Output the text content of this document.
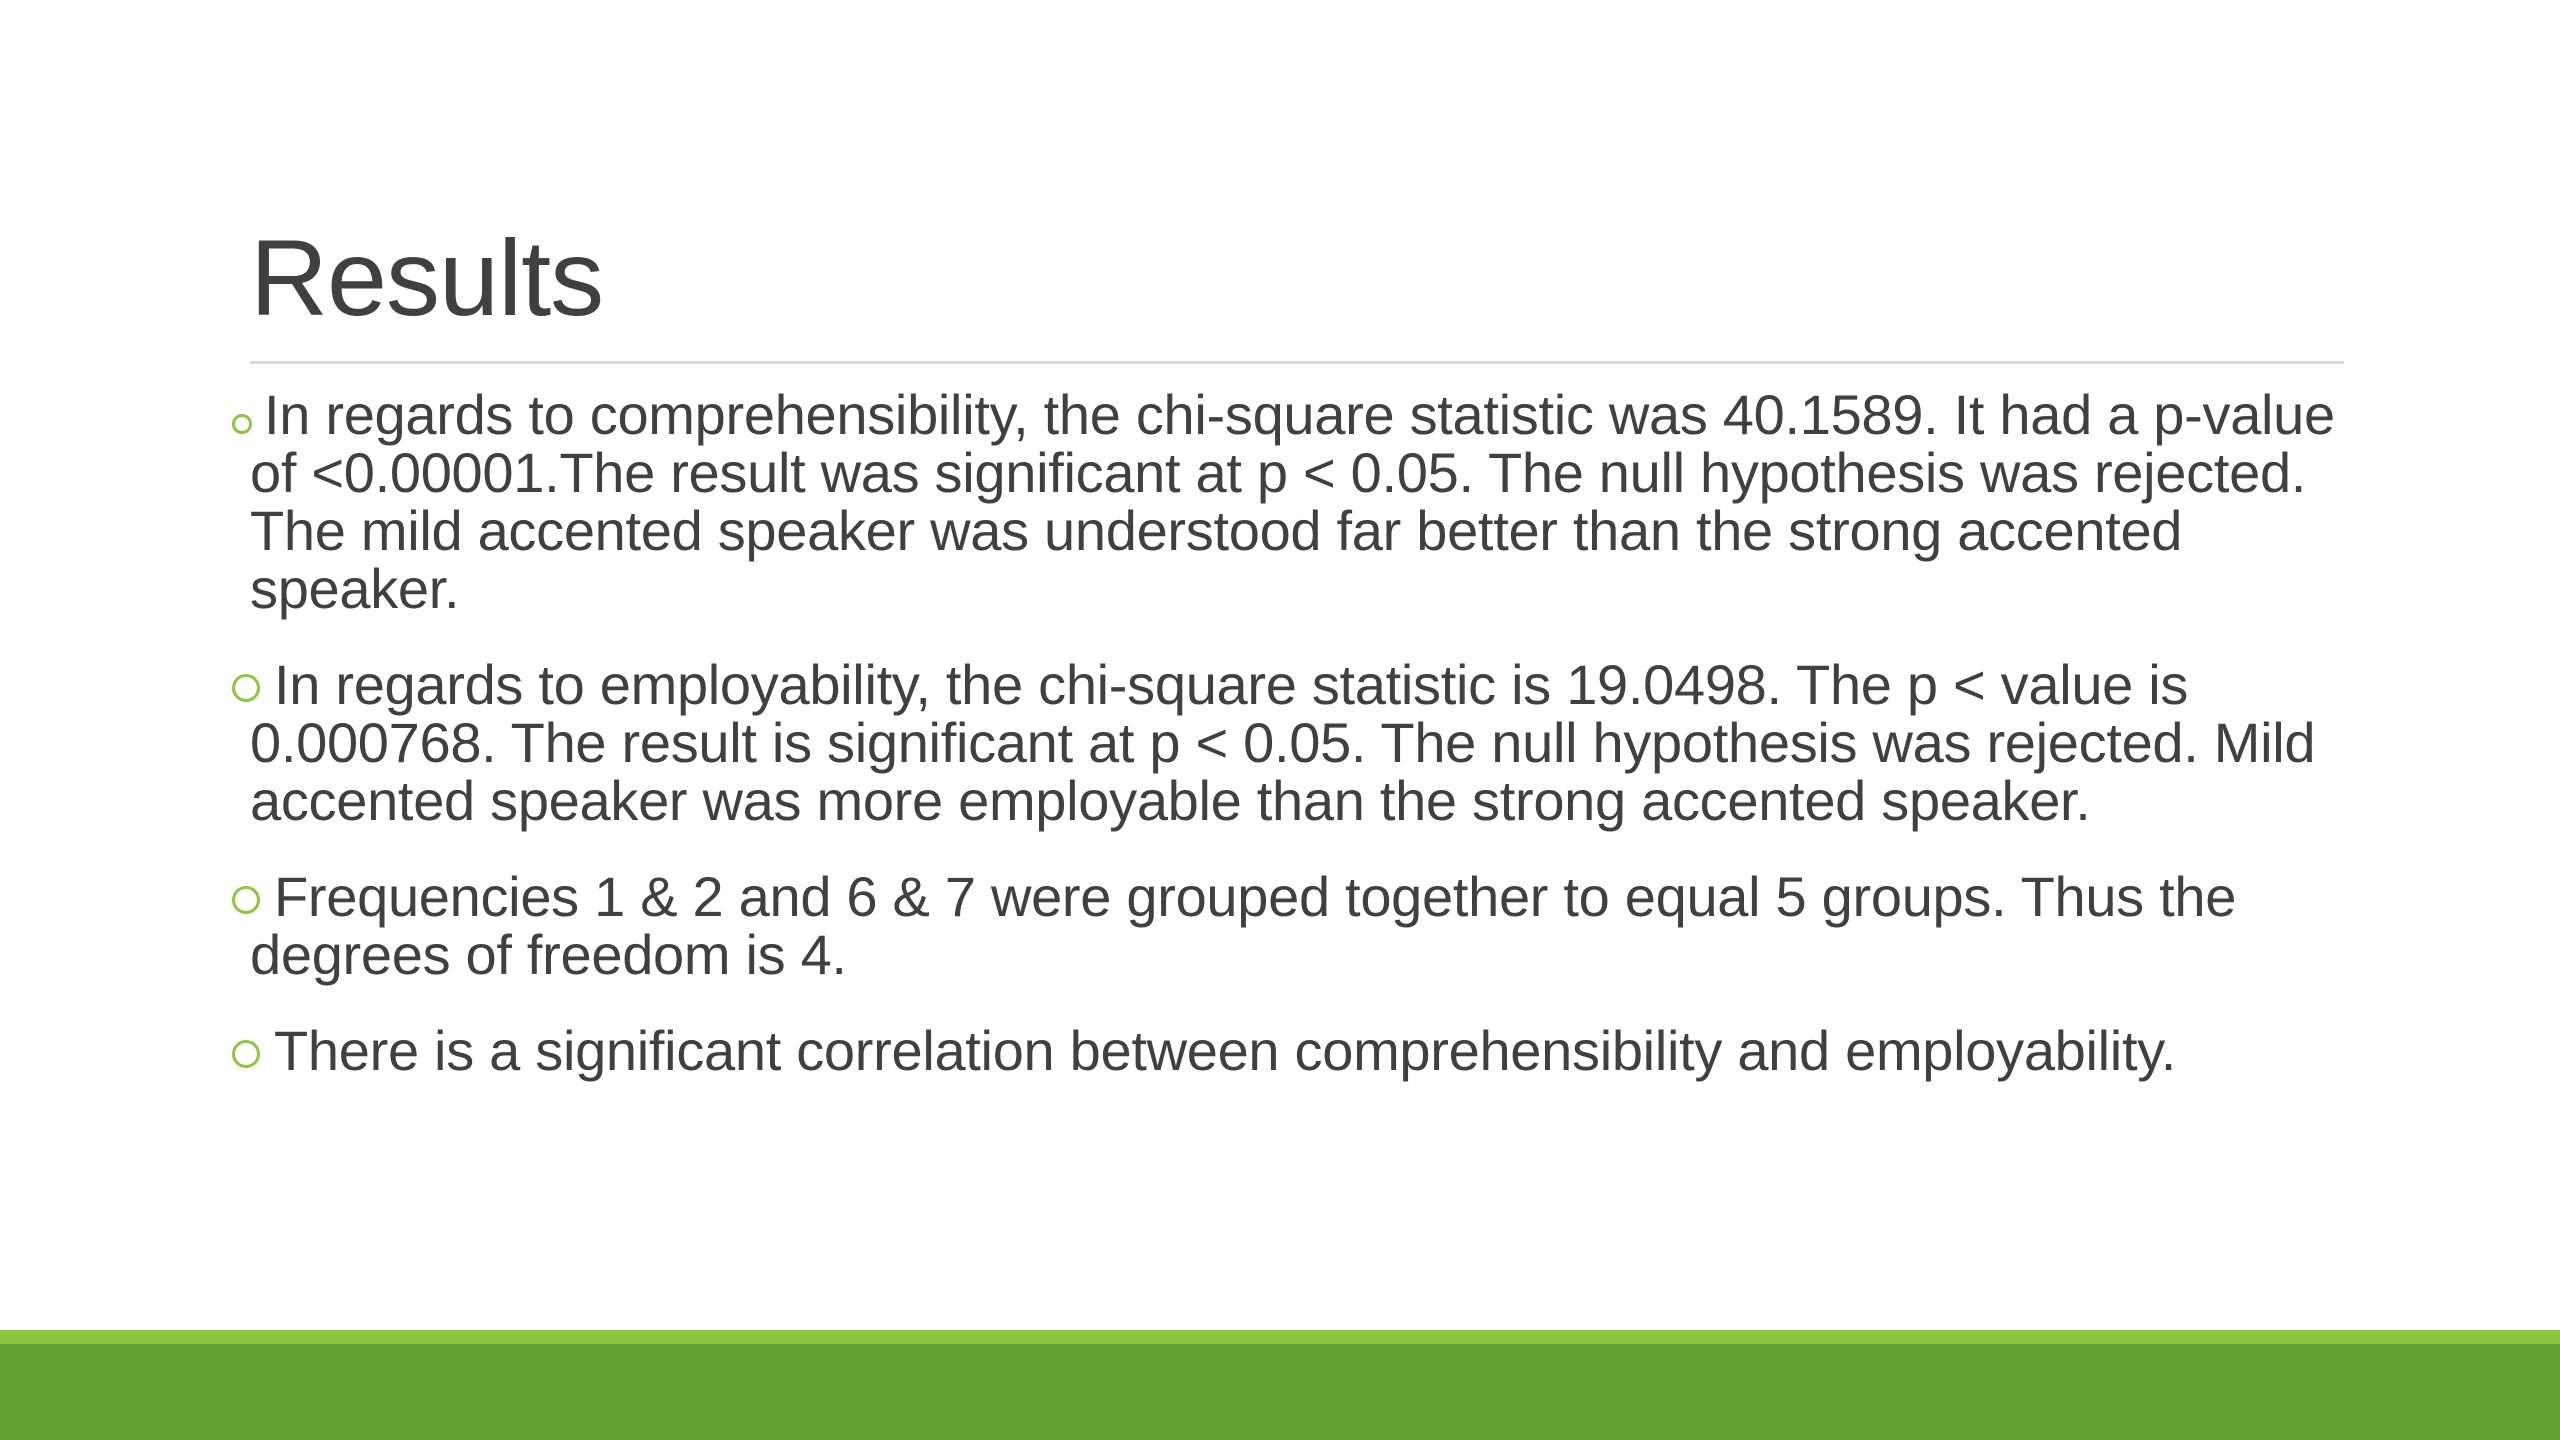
Results
In regards to comprehensibility, the chi-square statistic was 40.1589. It had a p-value of <0.00001.The result was significant at p < 0.05. The null hypothesis was rejected. The mild accented speaker was understood far better than the strong accented speaker.
In regards to employability, the chi-square statistic is 19.0498. The p < value is 0.000768. The result is significant at p < 0.05. The null hypothesis was rejected. Mild accented speaker was more employable than the strong accented speaker.
Frequencies 1 & 2 and 6 & 7 were grouped together to equal 5 groups. Thus the degrees of freedom is 4.
There is a significant correlation between comprehensibility and employability.
